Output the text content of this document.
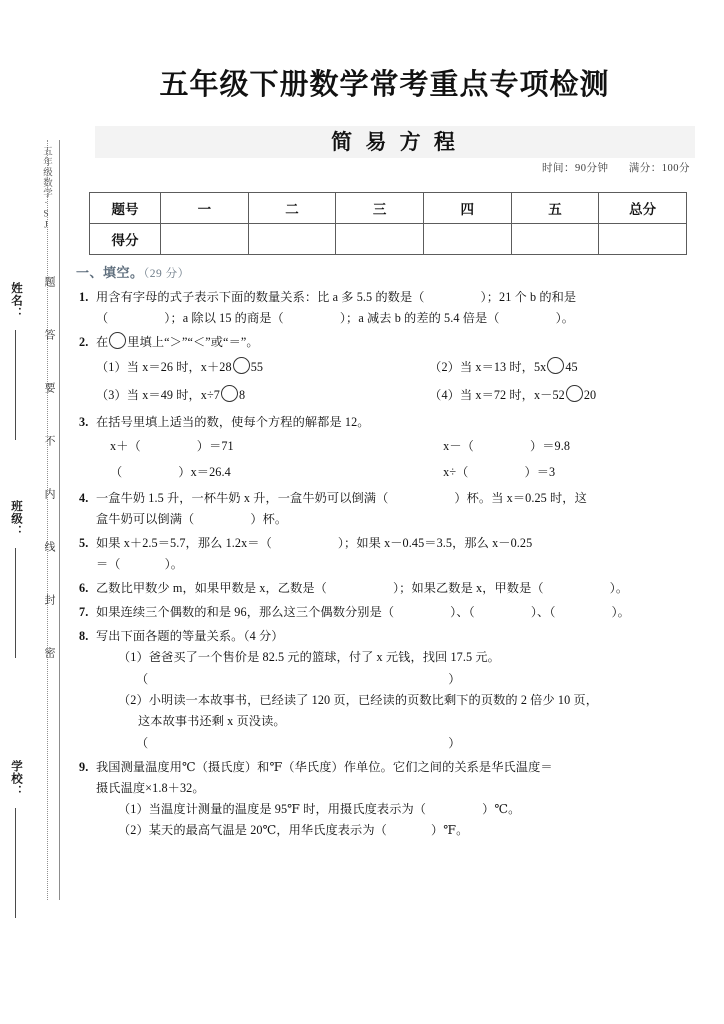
五年级数学·SJ
题答要不内线封密
姓名：
班级：
学校：
五年级下册数学常考重点专项检测
简 易 方 程
时间：90分钟 满分：100分
题号	一	二	三	四	五	总分
得分						
一、填空。（29 分）
1. 用含有字母的式子表示下面的数量关系：比 a 多 5.5 的数是（	）；21 个 b 的和是
（	）；a 除以 15 的商是（	）；a 减去 b 的差的 5.4 倍是（	）。
2. 在 里填上“＞”“＜”或“＝”。
（1）当 x＝26 时，x＋28 55	（2）当 x＝13 时，5x 45
（3）当 x＝49 时，x÷7 8	（4）当 x＝72 时，x－52 20
3. 在括号里填上适当的数，使每个方程的解都是 12。
x＋（	）＝71	x－（	）＝9.8
（	）x＝26.4	x÷（	）＝3
4. 一盒牛奶 1.5 升，一杯牛奶 x 升，一盒牛奶可以倒满（	）杯。当 x＝0.25 时，这
盒牛奶可以倒满（	）杯。
5. 如果 x＋2.5＝5.7，那么 1.2x＝（	）；如果 x－0.45＝3.5，那么 x－0.25
＝（	）。
6. 乙数比甲数少 m，如果甲数是 x，乙数是（	）；如果乙数是 x，甲数是（	）。
7. 如果连续三个偶数的和是 96，那么这三个偶数分别是（	）、（	）、（	）。
8. 写出下面各题的等量关系。（4 分）
（1）爸爸买了一个售价是 82.5 元的篮球，付了 x 元钱，找回 17.5 元。
（	）
（2）小明读一本故事书，已经读了 120 页，已经读的页数比剩下的页数的 2 倍少 10 页，
这本故事书还剩 x 页没读。
（	）
9. 我国测量温度用℃（摄氏度）和℉（华氏度）作单位。它们之间的关系是华氏温度＝
摄氏温度×1.8＋32。
（1）当温度计测量的温度是 95℉ 时，用摄氏度表示为（	）℃。
（2）某天的最高气温是 20℃，用华氏度表示为（	）℉。
